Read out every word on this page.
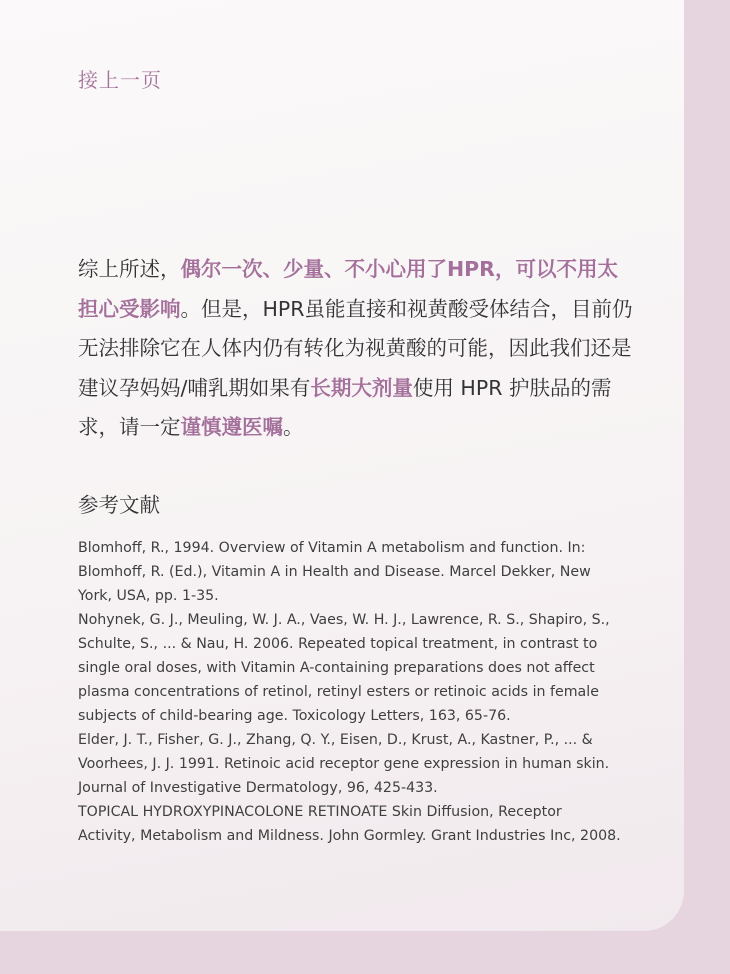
接上一页

综上所述，偶尔一次、少量、不小心用了HPR，可以不用太担心受影响。但是，HPR虽能直接和视黄酸受体结合，目前仍无法排除它在人体内仍有转化为视黄酸的可能，因此我们还是建议孕妈妈/哺乳期如果有长期大剂量使用 HPR 护肤品的需求，请一定谨慎遵医嘱。

参考文献
Blomhoff, R., 1994. Overview of Vitamin A metabolism and function. In: Blomhoff, R. (Ed.), Vitamin A in Health and Disease. Marcel Dekker, New York, USA, pp. 1-35.
Nohynek, G. J., Meuling, W. J. A., Vaes, W. H. J., Lawrence, R. S., Shapiro, S., Schulte, S., ... & Nau, H. 2006. Repeated topical treatment, in contrast to single oral doses, with Vitamin A-containing preparations does not affect plasma concentrations of retinol, retinyl esters or retinoic acids in female subjects of child-bearing age. Toxicology Letters, 163, 65-76.
Elder, J. T., Fisher, G. J., Zhang, Q. Y., Eisen, D., Krust, A., Kastner, P., ... & Voorhees, J. J. 1991. Retinoic acid receptor gene expression in human skin. Journal of Investigative Dermatology, 96, 425-433.
TOPICAL HYDROXYPINACOLONE RETINOATE Skin Diffusion, Receptor Activity, Metabolism and Mildness. John Gormley. Grant Industries Inc, 2008.
